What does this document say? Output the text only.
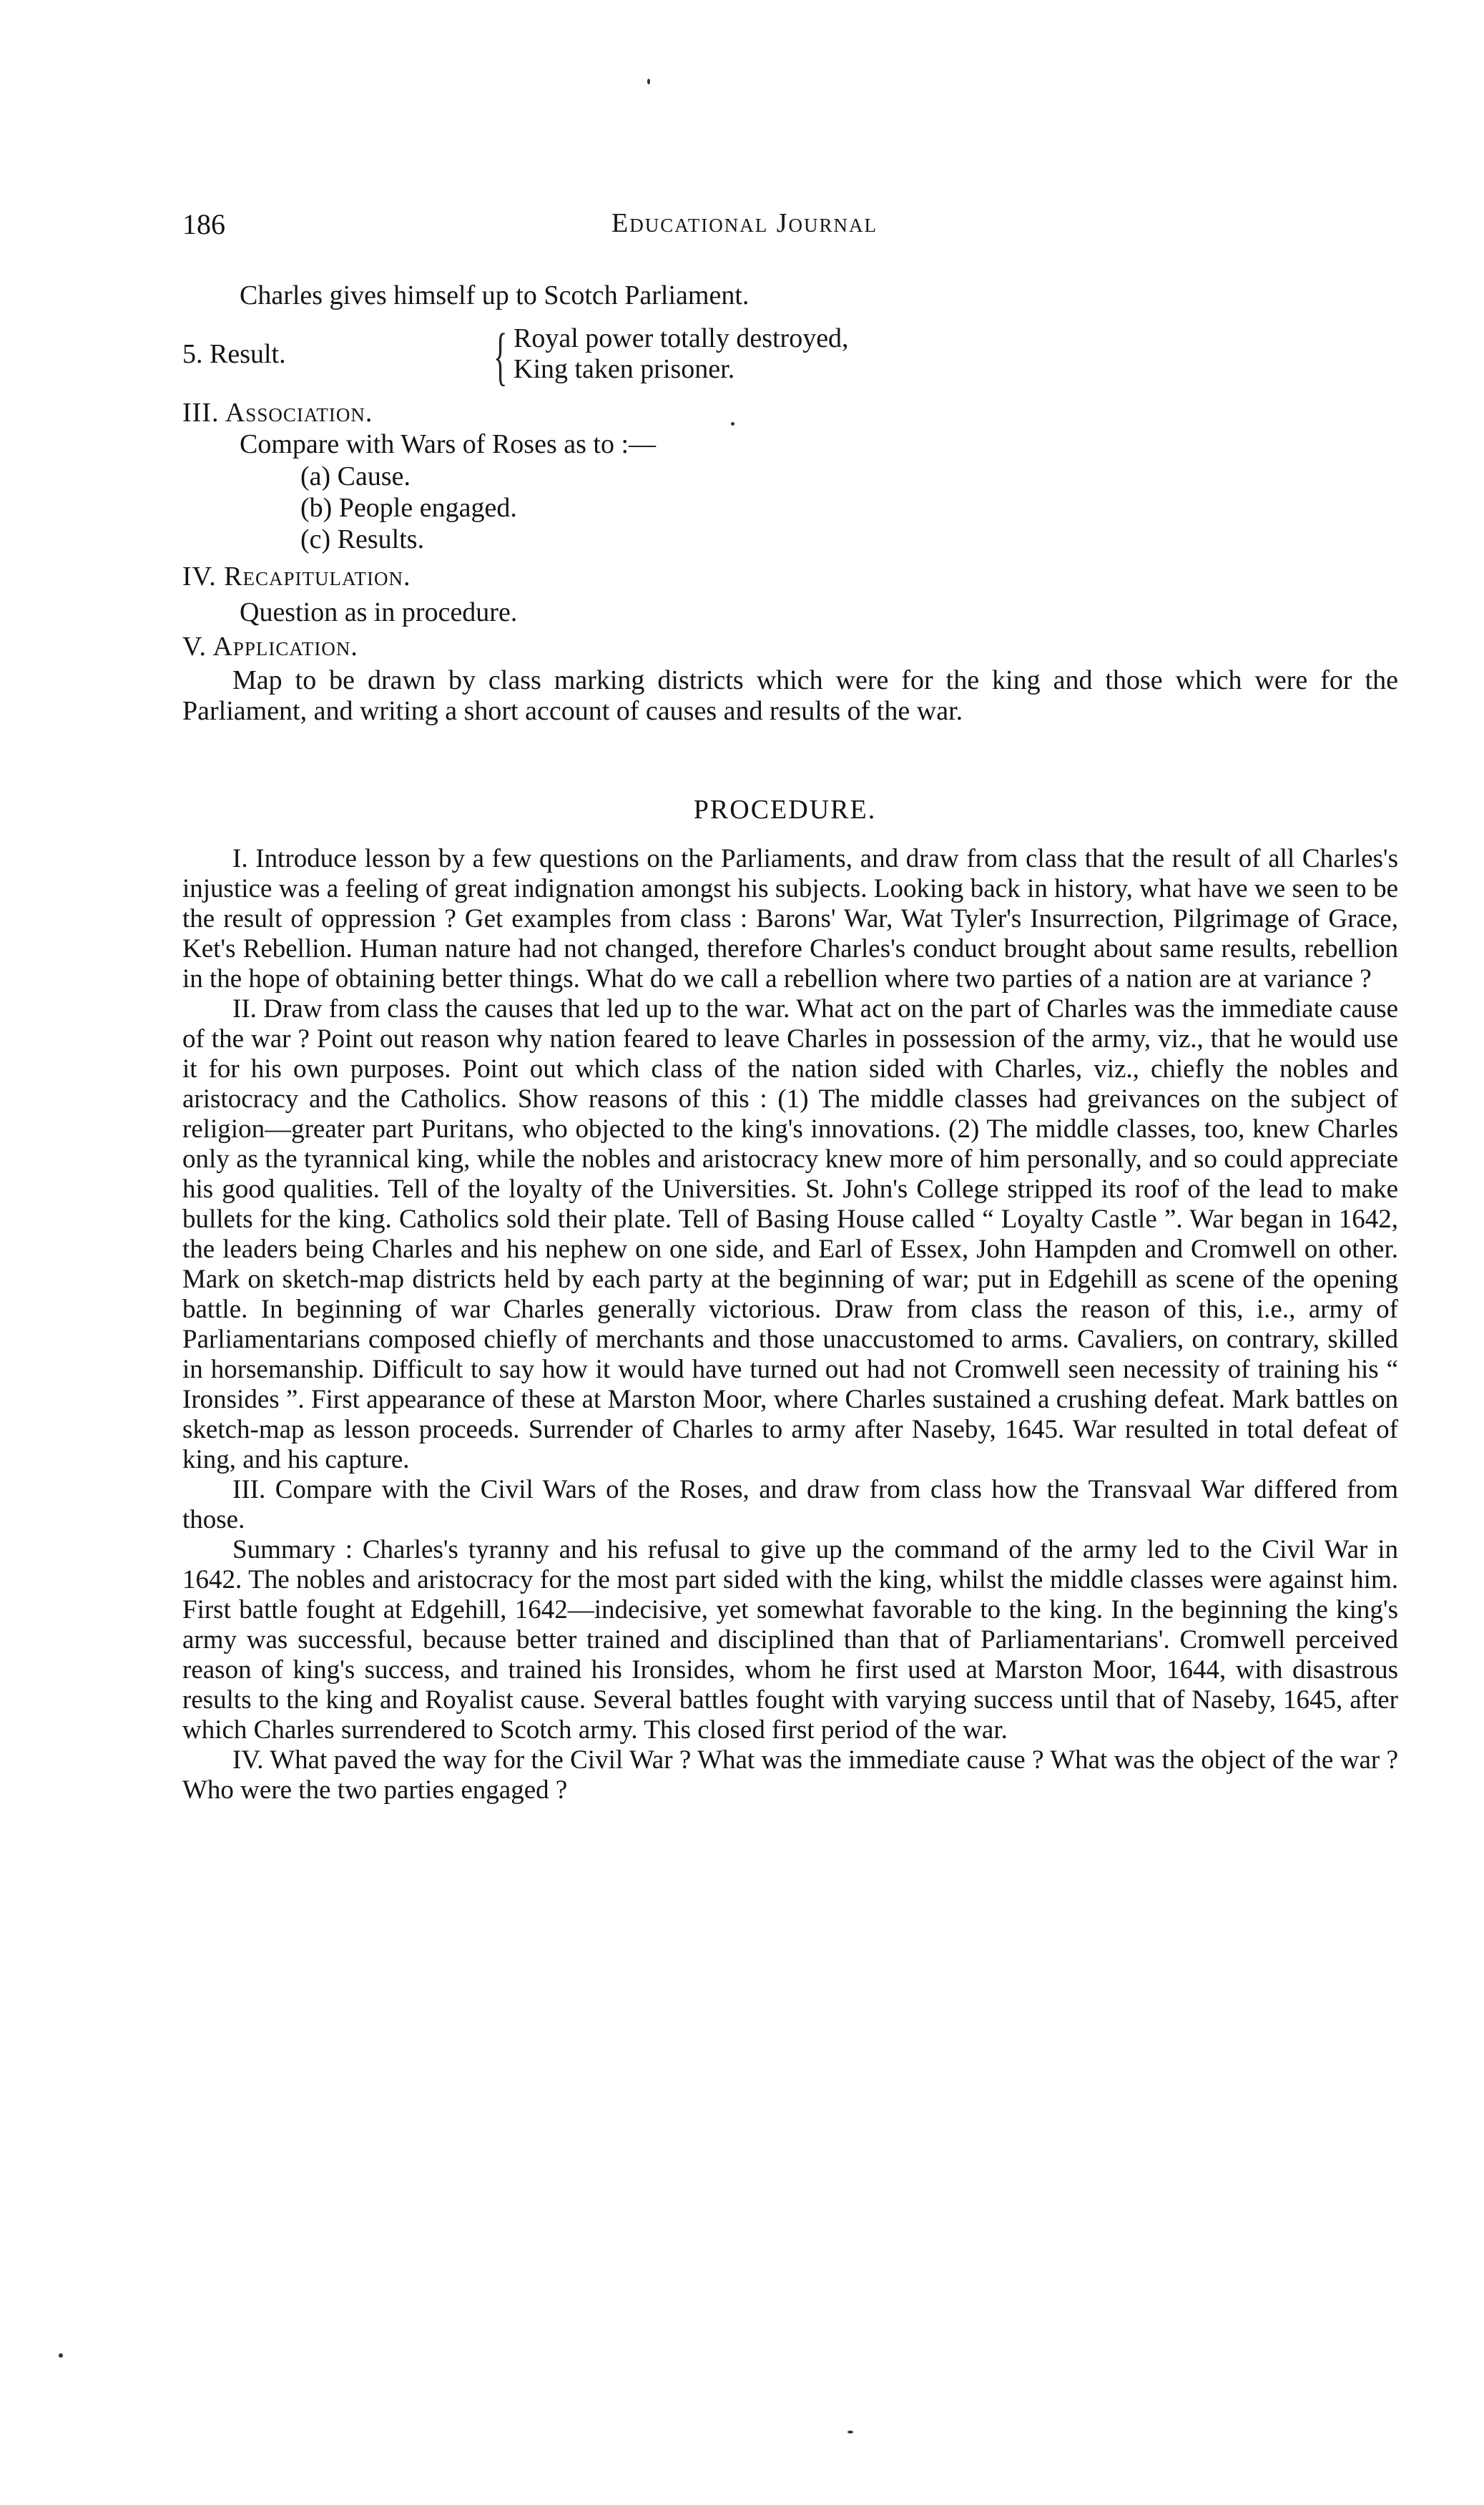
186	Educational Journal
Charles gives himself up to Scotch Parliament.
5. Result.	{ Royal power totally destroyed,
King taken prisoner.
III. Association.
Compare with Wars of Roses as to :—
(a) Cause.
(b) People engaged.
(c) Results.
IV. Recapitulation.
Question as in procedure.
V. Application.

Map to be drawn by class marking districts which were for the king and those which were for the Parliament, and writing a short account of causes and results of the war.

PROCEDURE.

I. Introduce lesson by a few questions on the Parliaments, and draw from class that the result of all Charles's injustice was a feeling of great indignation amongst his subjects. Looking back in history, what have we seen to be the result of oppression ? Get examples from class : Barons' War, Wat Tyler's Insurrection, Pilgrimage of Grace, Ket's Rebellion. Human nature had not changed, therefore Charles's conduct brought about same results, rebellion in the hope of obtaining better things. What do we call a rebellion where two parties of a nation are at variance ?

II. Draw from class the causes that led up to the war. What act on the part of Charles was the immediate cause of the war ? Point out reason why nation feared to leave Charles in possession of the army, viz., that he would use it for his own purposes. Point out which class of the nation sided with Charles, viz., chiefly the nobles and aristocracy and the Catholics. Show reasons of this : (1) The middle classes had greivances on the subject of religion—greater part Puritans, who objected to the king's innovations. (2) The middle classes, too, knew Charles only as the tyrannical king, while the nobles and aristocracy knew more of him personally, and so could appreciate his good qualities. Tell of the loyalty of the Universities. St. John's College stripped its roof of the lead to make bullets for the king. Catholics sold their plate. Tell of Basing House called “ Loyalty Castle ”. War began in 1642, the leaders being Charles and his nephew on one side, and Earl of Essex, John Hampden and Cromwell on other. Mark on sketch-map districts held by each party at the beginning of war; put in Edgehill as scene of the opening battle. In beginning of war Charles generally victorious. Draw from class the reason of this, i.e., army of Parliamentarians composed chiefly of merchants and those unaccustomed to arms. Cavaliers, on contrary, skilled in horsemanship. Difficult to say how it would have turned out had not Cromwell seen necessity of training his “ Ironsides ”. First appearance of these at Marston Moor, where Charles sustained a crushing defeat. Mark battles on sketch-map as lesson proceeds. Surrender of Charles to army after Naseby, 1645. War resulted in total defeat of king, and his capture.

III. Compare with the Civil Wars of the Roses, and draw from class how the Transvaal War differed from those.

Summary : Charles's tyranny and his refusal to give up the command of the army led to the Civil War in 1642. The nobles and aristocracy for the most part sided with the king, whilst the middle classes were against him. First battle fought at Edgehill, 1642—indecisive, yet somewhat favorable to the king. In the beginning the king's army was successful, because better trained and disciplined than that of Parliamentarians'. Cromwell perceived reason of king's success, and trained his Ironsides, whom he first used at Marston Moor, 1644, with disastrous results to the king and Royalist cause. Several battles fought with varying success until that of Naseby, 1645, after which Charles surrendered to Scotch army. This closed first period of the war.

IV. What paved the way for the Civil War ? What was the immediate cause ? What was the object of the war ? Who were the two parties engaged ?
